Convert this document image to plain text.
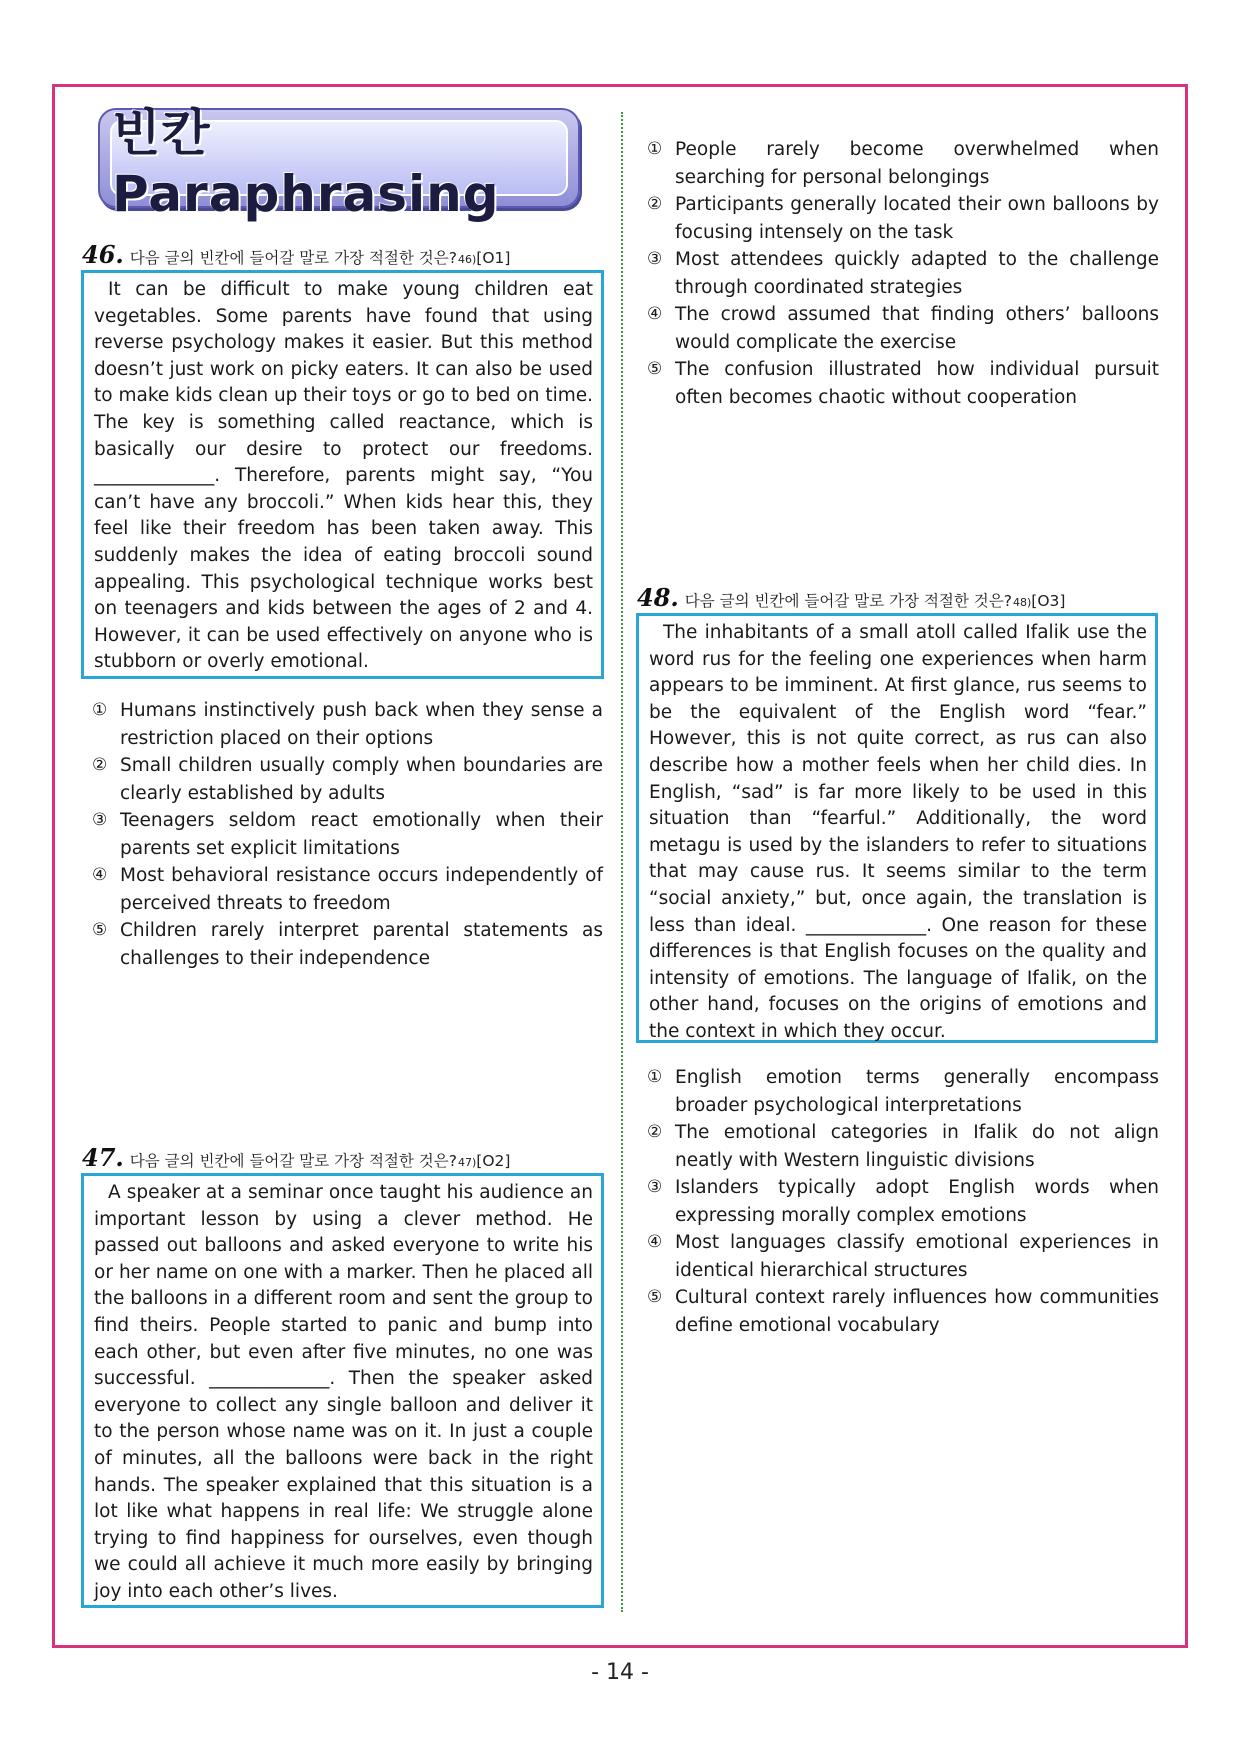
빈칸 Paraphrasing
46. 다음 글의 빈칸에 들어갈 말로 가장 적절한 것은? 46) [O1]

It can be difficult to make young children eat vegetables. Some parents have found that using reverse psychology makes it easier. But this method doesn’t just work on picky eaters. It can also be used to make kids clean up their toys or go to bed on time. The key is something called reactance, which is basically our desire to protect our freedoms. _____________. Therefore, parents might say, “You can’t have any broccoli.” When kids hear this, they feel like their freedom has been taken away. This suddenly makes the idea of eating broccoli sound appealing. This psychological technique works best on teenagers and kids between the ages of 2 and 4. However, it can be used effectively on anyone who is stubborn or overly emotional.

① Humans instinctively push back when they sense a restriction placed on their options
② Small children usually comply when boundaries are clearly established by adults
③ Teenagers seldom react emotionally when their parents set explicit limitations
④ Most behavioral resistance occurs independently of perceived threats to freedom
⑤ Children rarely interpret parental statements as challenges to their independence
47. 다음 글의 빈칸에 들어갈 말로 가장 적절한 것은? 47) [O2]

A speaker at a seminar once taught his audience an important lesson by using a clever method. He passed out balloons and asked everyone to write his or her name on one with a marker. Then he placed all the balloons in a different room and sent the group to find theirs. People started to panic and bump into each other, but even after five minutes, no one was successful. _____________. Then the speaker asked everyone to collect any single balloon and deliver it to the person whose name was on it. In just a couple of minutes, all the balloons were back in the right hands. The speaker explained that this situation is a lot like what happens in real life: We struggle alone trying to find happiness for ourselves, even though we could all achieve it much more easily by bringing joy into each other’s lives.

① People rarely become overwhelmed when searching for personal belongings
② Participants generally located their own balloons by focusing intensely on the task
③ Most attendees quickly adapted to the challenge through coordinated strategies
④ The crowd assumed that finding others’ balloons would complicate the exercise
⑤ The confusion illustrated how individual pursuit often becomes chaotic without cooperation
48. 다음 글의 빈칸에 들어갈 말로 가장 적절한 것은? 48) [O3]

The inhabitants of a small atoll called Ifalik use the word rus for the feeling one experiences when harm appears to be imminent. At first glance, rus seems to be the equivalent of the English word “fear.” However, this is not quite correct, as rus can also describe how a mother feels when her child dies. In English, “sad” is far more likely to be used in this situation than “fearful.” Additionally, the word metagu is used by the islanders to refer to situations that may cause rus. It seems similar to the term “social anxiety,” but, once again, the translation is less than ideal. _____________. One reason for these differences is that English focuses on the quality and intensity of emotions. The language of Ifalik, on the other hand, focuses on the origins of emotions and the context in which they occur.

① English emotion terms generally encompass broader psychological interpretations
② The emotional categories in Ifalik do not align neatly with Western linguistic divisions
③ Islanders typically adopt English words when expressing morally complex emotions
④ Most languages classify emotional experiences in identical hierarchical structures
⑤ Cultural context rarely influences how communities define emotional vocabulary
- 14 -
